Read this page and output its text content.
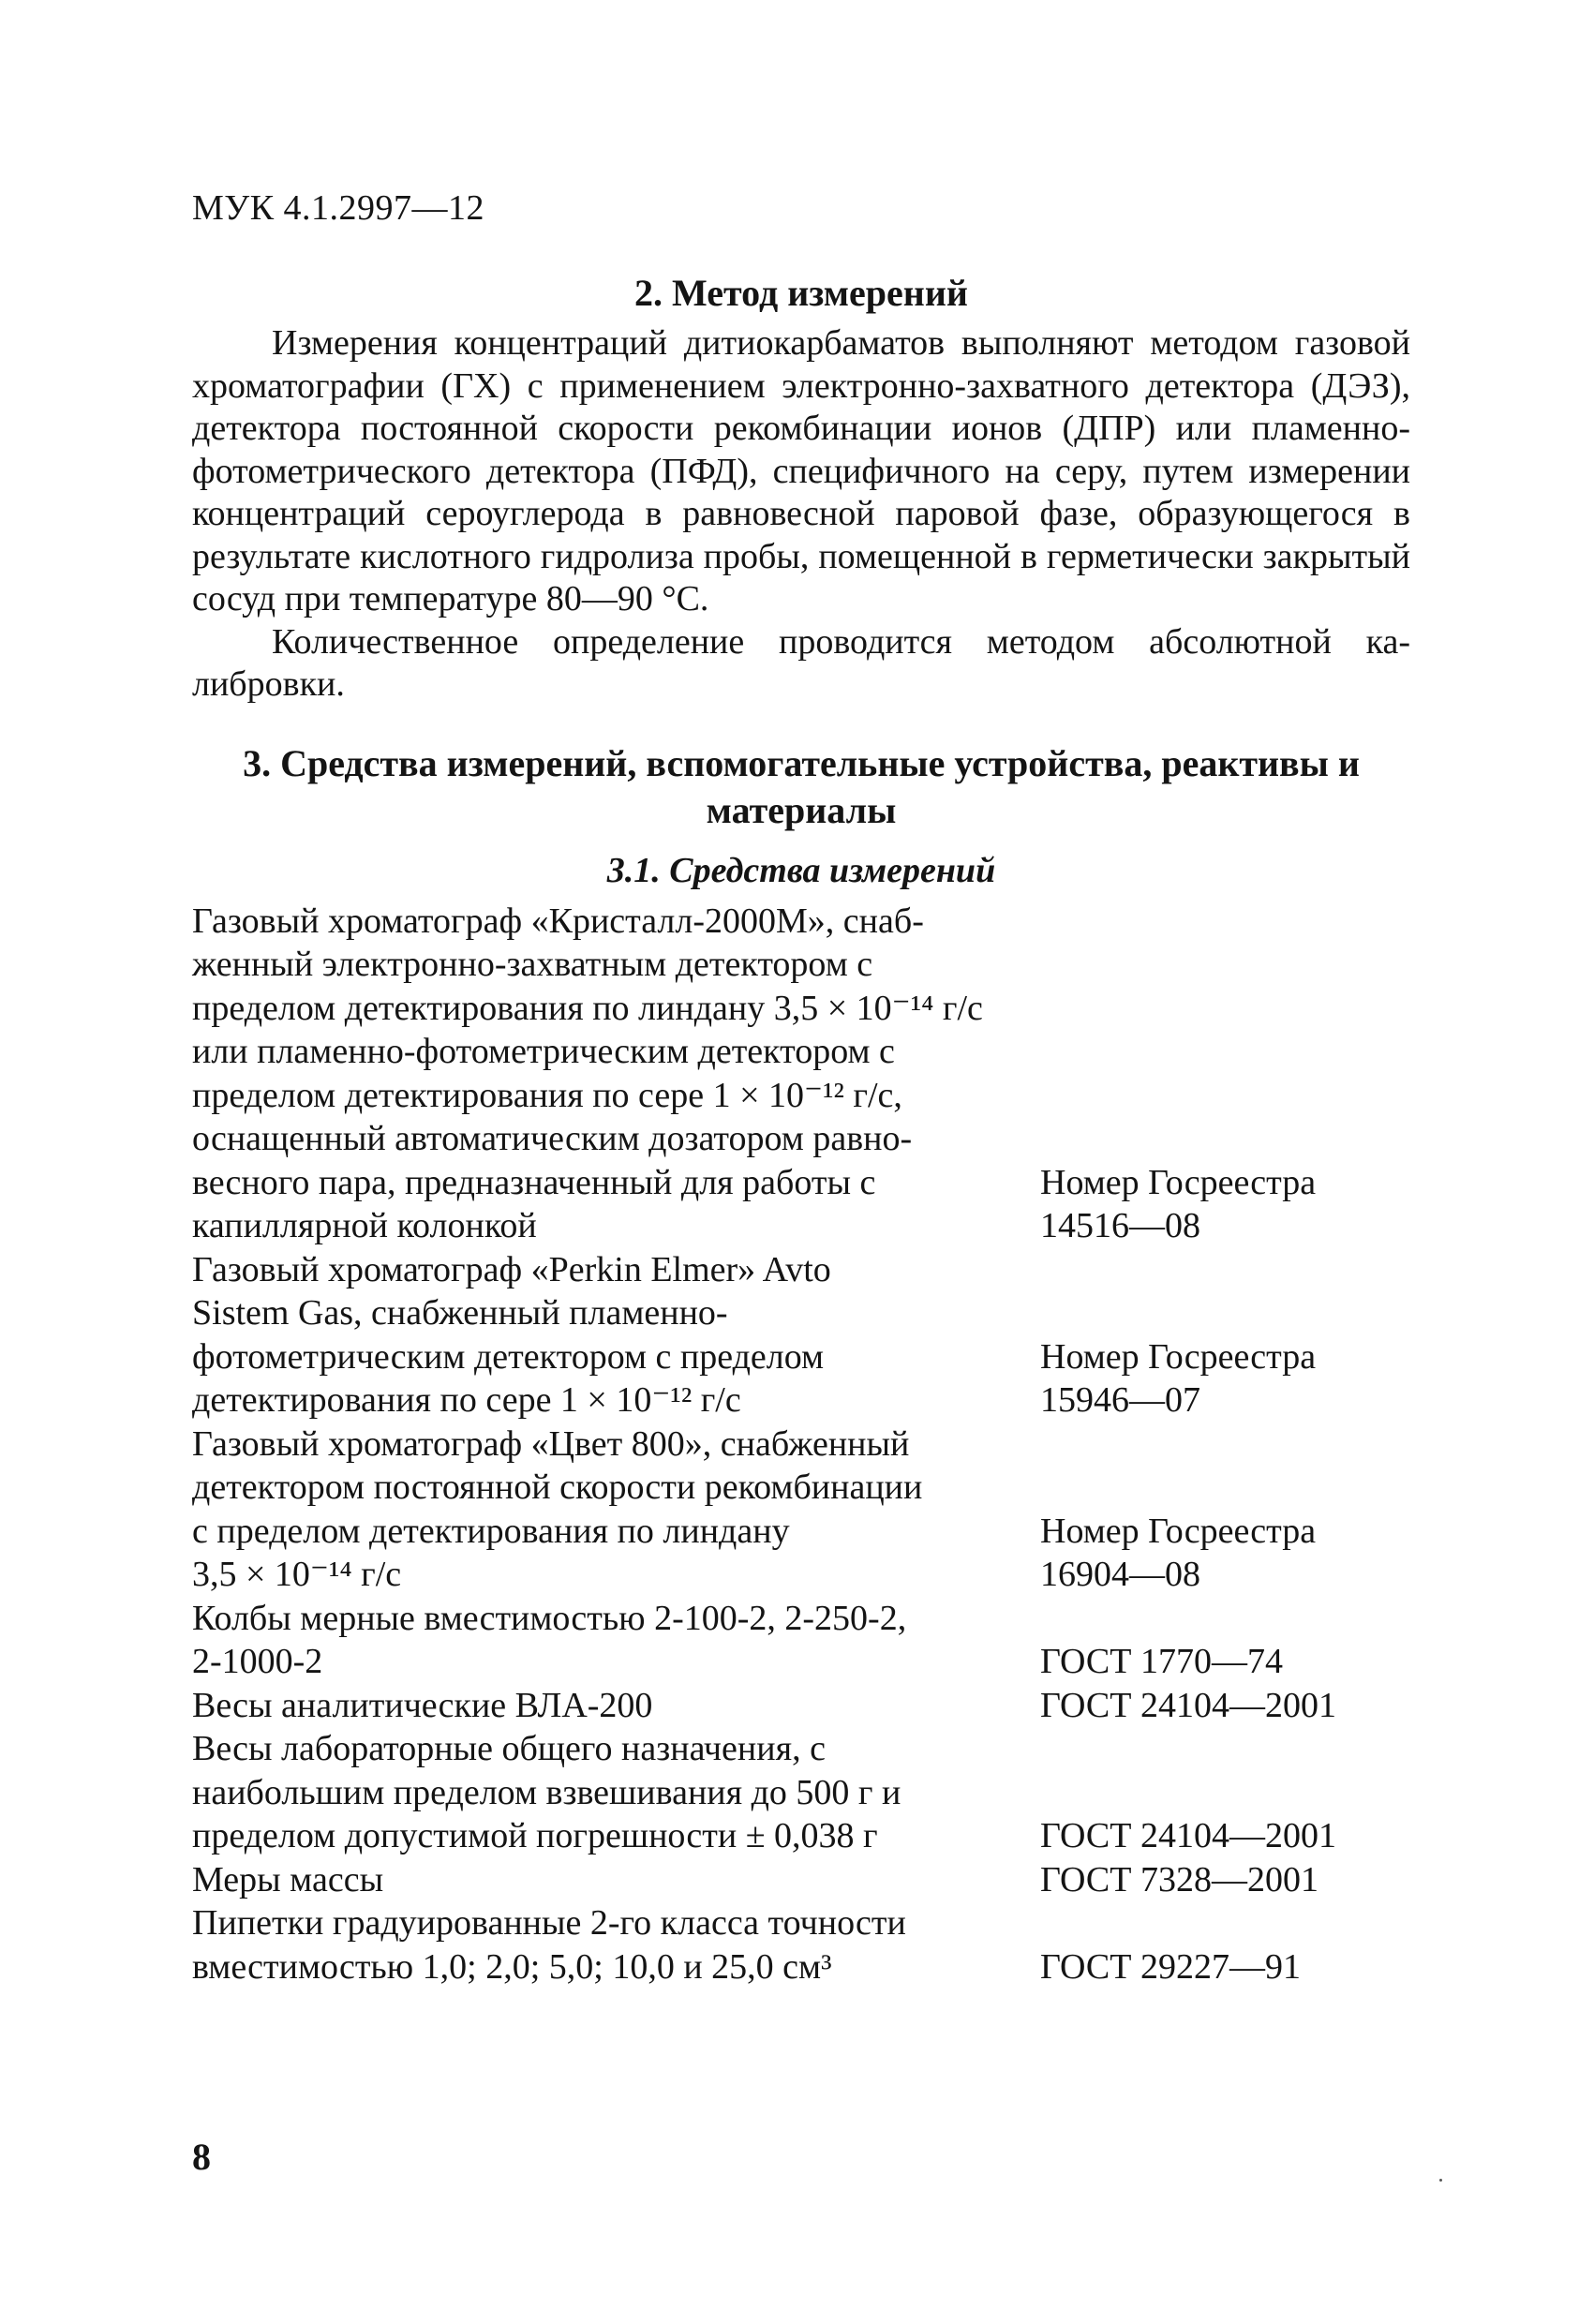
МУК 4.1.2997—12
2. Метод измерений

Измерения концентраций дитиокарбаматов выполняют методом газовой хроматографии (ГХ) с применением электронно-захватного детектора (ДЭЗ), детектора постоянной скорости рекомбинации ионов (ДПР) или пламенно-фотометрического детектора (ПФД), специфичного на серу, путем измерении концентраций сероуглерода в равновесной паровой фазе, образующегося в результате кислотного гидролиза пробы, помещенной в герметически закрытый сосуд при температуре 80—90 °C.

Количественное определение проводится методом абсолютной калибровки.

3. Средства измерений, вспомогательные устройства, реактивы и материалы
3.1. Средства измерений
Газовый хроматограф «Кристалл-2000М», снаб-	
женный электронно-захватным детектором с	
пределом детектирования по линдану 3,5 × 10⁻¹⁴ г/с	
или пламенно-фотометрическим детектором с	
пределом детектирования по сере 1 × 10⁻¹² г/с,	
оснащенный автоматическим дозатором равно-	
весного пара, предназначенный для работы с	Номер Госреестра
капиллярной колонкой	14516—08
Газовый хроматограф «Perkin Elmer» Avto	
Sistem Gas, снабженный пламенно-	
фотометрическим детектором с пределом	Номер Госреестра
детектирования по сере 1 × 10⁻¹² г/с	15946—07
Газовый хроматограф «Цвет 800», снабженный	
детектором постоянной скорости рекомбинации	
с пределом детектирования по линдану	Номер Госреестра
3,5 × 10⁻¹⁴ г/с	16904—08
Колбы мерные вместимостью 2-100-2, 2-250-2,	
2-1000-2	ГОСТ 1770—74
Весы аналитические ВЛА-200	ГОСТ 24104—2001
Весы лабораторные общего назначения, с	
наибольшим пределом взвешивания до 500 г и	
пределом допустимой погрешности ± 0,038 г	ГОСТ 24104—2001
Меры массы	ГОСТ 7328—2001
Пипетки градуированные 2-го класса точности	
вместимостью 1,0; 2,0; 5,0; 10,0 и 25,0 см³	ГОСТ 29227—91
8
